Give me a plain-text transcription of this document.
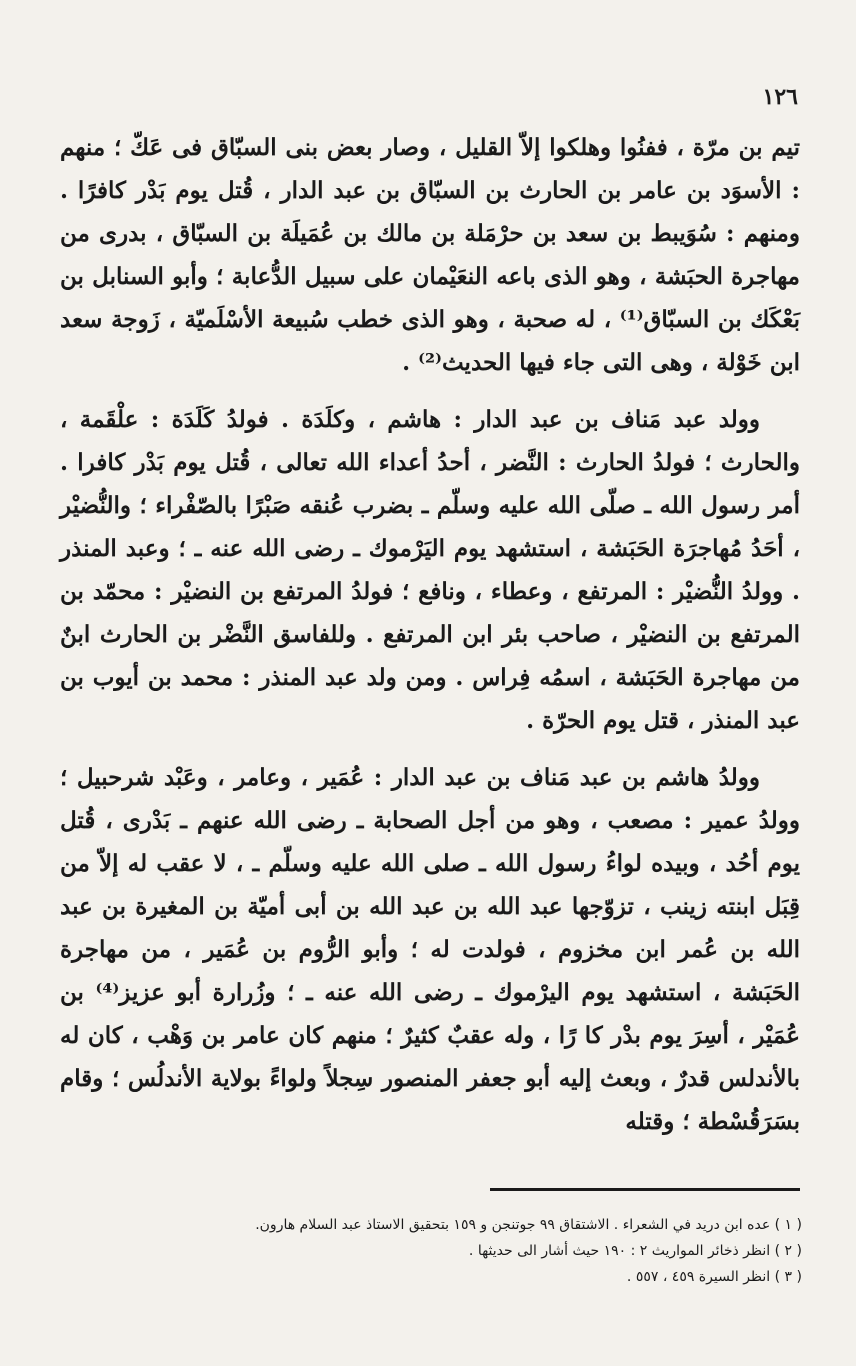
١٢٦

تيم بن مرّة ، ففنُوا وهلكوا إلاّ القليل ، وصار بعض بنى السبّاق فى عَكّ ؛ منهم : الأسوَد بن عامر بن الحارث بن السبّاق بن عبد الدار ، قُتل يوم بَدْر كافرًا . ومنهم : سُوَيبط بن سعد بن حرْمَلة بن مالك بن عُمَيلَة بن السبّاق ، بدرى من مهاجرة الحبَشة ، وهو الذى باعه النعَيْمان على سبيل الدُّعابة ؛ وأبو السنابل بن بَعْكَك بن السبّاق⁽¹⁾ ، له صحبة ، وهو الذى خطب سُبيعة الأسْلَميّة ، زَوجة سعد ابن خَوْلة ، وهى التى جاء فيها الحديث⁽²⁾ .

وولد عبد مَناف بن عبد الدار : هاشم ، وكلَدَة . فولدُ كَلَدَة : علْقَمة ، والحارث ؛ فولدُ الحارث : النَّضر ، أحدُ أعداء الله تعالى ، قُتل يوم بَدْر كافرا . أمر رسول الله ـ صلّى الله عليه وسلّم ـ بضرب عُنقه صَبْرًا بالصّفْراء ؛ والنُّضيْر ، أحَدُ مُهاجرَة الحَبَشة ، استشهد يوم اليَرْموك ـ رضى الله عنه ـ ؛ وعبد المنذر . وولدُ النُّضيْر : المرتفع ، وعطاء ، ونافع ؛ فولدُ المرتفع بن النضيْر : محمّد بن المرتفع بن النضيْر ، صاحب بئر ابن المرتفع . وللفاسق النَّضْر بن الحارث ابنٌ من مهاجرة الحَبَشة ، اسمُه فِراس . ومن ولد عبد المنذر : محمد بن أيوب بن عبد المنذر ، قتل يوم الحرّة .

وولدُ هاشم بن عبد مَناف بن عبد الدار : عُمَير ، وعامر ، وعَبْد شرحبيل ؛ وولدُ عمير : مصعب ، وهو من أجل الصحابة ـ رضى الله عنهم ـ بَدْرى ، قُتل يوم أحُد ، وبيده لواءُ رسول الله ـ صلى الله عليه وسلّم ـ ، لا عقب له إلاّ من قِبَل ابنته زينب ، تزوّجها عبد الله بن عبد الله بن أبى أميّة بن المغيرة بن عبد الله بن عُمر ابن مخزوم ، فولدت له ؛ وأبو الرُّوم بن عُمَير ، من مهاجرة الحَبَشة ، استشهد يوم اليرْموك ـ رضى الله عنه ـ ؛ وزُرارة أبو عزيز⁽⁴⁾ بن عُمَيْر ، أسِرَ يوم بدْر كا رًا ، وله عقبٌ كثيرٌ ؛ منهم كان عامر بن وَهْب ، كان له بالأندلس قدرٌ ، وبعث إليه أبو جعفر المنصور سِجلاً ولواءً بولاية الأندلُس ؛ وقام بسَرَقُسْطة ؛ وقتله

( ١ ) عده ابن دريد في الشعراء . الاشتقاق ٩٩ جوتنجن و ١٥٩ بتحقيق الاستاذ عبد السلام هارون.

( ٢ ) انظر ذخائر المواريث ٢ : ١٩٠ حيث أشار الى حديثها .

( ٣ ) انظر السيرة ٤٥٩ ، ٥٥٧ .
